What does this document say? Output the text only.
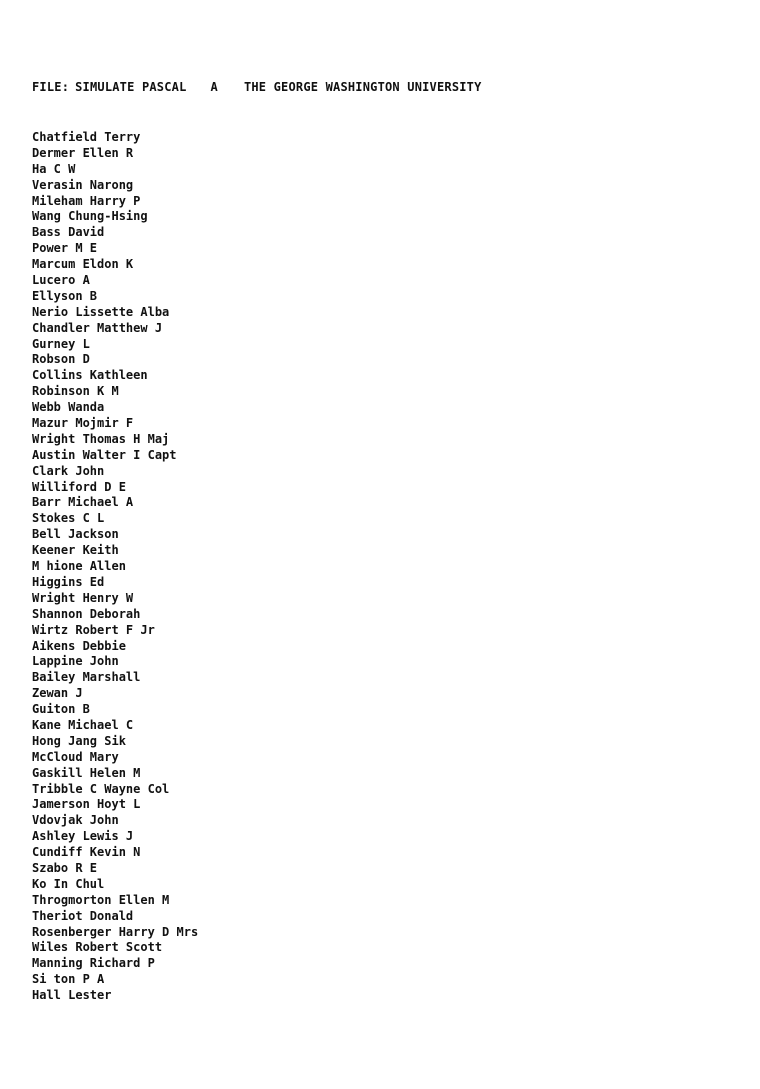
FILE: SIMULATE PASCAL A THE GEORGE WASHINGTON UNIVERSITY
Chatfield Terry
Dermer Ellen R
Ha C W
Verasin Narong
Mileham Harry P
Wang Chung-Hsing
Bass David
Power M E
Marcum Eldon K
Lucero A
Ellyson B
Nerio Lissette Alba
Chandler Matthew J
Gurney L
Robson D
Collins Kathleen
Robinson K M
Webb Wanda
Mazur Mojmir F
Wright Thomas H Maj
Austin Walter I Capt
Clark John
Williford D E
Barr Michael A
Stokes C L
Bell Jackson
Keener Keith
M hione Allen
Higgins Ed
Wright Henry W
Shannon Deborah
Wirtz Robert F Jr
Aikens Debbie
Lappine John
Bailey Marshall
Zewan J
Guiton B
Kane Michael C
Hong Jang Sik
McCloud Mary
Gaskill Helen M
Tribble C Wayne Col
Jamerson Hoyt L
Vdovjak John
Ashley Lewis J
Cundiff Kevin N
Szabo R E
Ko In Chul
Throgmorton Ellen M
Theriot Donald
Rosenberger Harry D Mrs
Wiles Robert Scott
Manning Richard P
Si ton P A
Hall Lester
